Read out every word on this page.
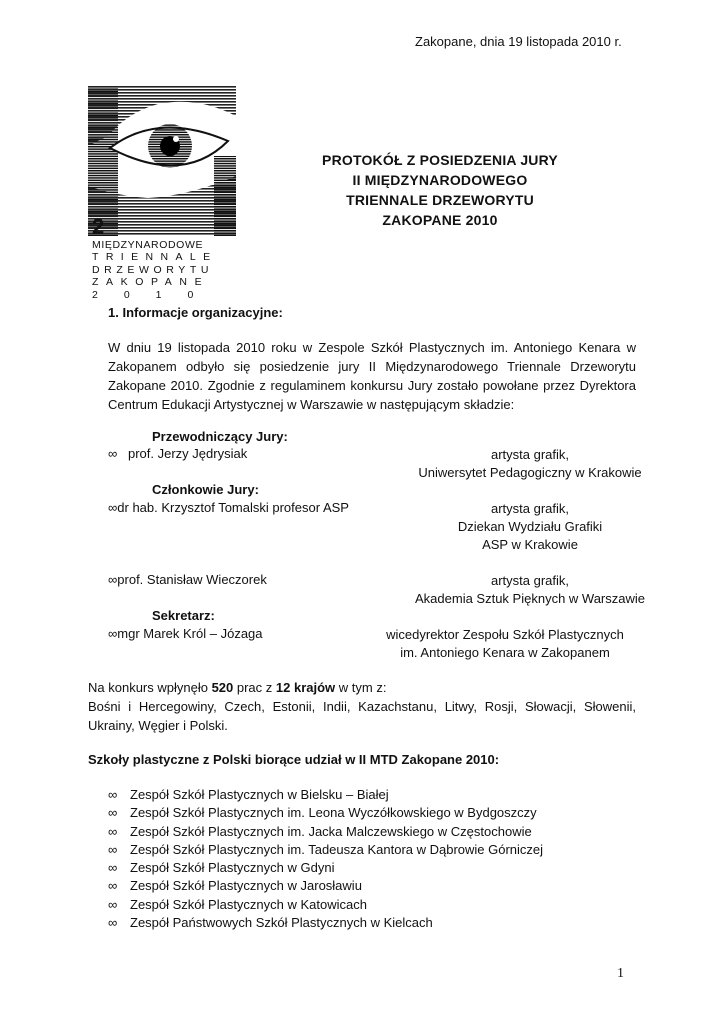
Zakopane, dnia 19 listopada 2010 r.
2
MIĘDZYNARODOWE
TRIENNALE
DRZEWORYTU
ZAKOPANE
2010
PROTOKÓŁ Z POSIEDZENIA JURY
II MIĘDZYNARODOWEGO
TRIENNALE DRZEWORYTU
ZAKOPANE 2010
1. Informacje organizacyjne:
W dniu 19 listopada 2010 roku w Zespole Szkół Plastycznych im. Antoniego Kenara w Zakopanem odbyło się posiedzenie jury II Międzynarodowego Triennale Drzeworytu Zakopane 2010. Zgodnie z regulaminem konkursu Jury zostało powołane przez Dyrektora Centrum Edukacji Artystycznej w Warszawie w następującym składzie:
Przewodniczący Jury:
∞ prof. Jerzy Jędrysiak	artysta grafik,
Uniwersytet Pedagogiczny w Krakowie
Członkowie Jury:
∞dr hab. Krzysztof Tomalski profesor ASP	artysta grafik,
Dziekan Wydziału Grafiki
ASP w Krakowie
∞prof. Stanisław Wieczorek	artysta grafik,
Akademia Sztuk Pięknych w Warszawie
Sekretarz:
∞mgr Marek Król – Józaga	wicedyrektor Zespołu Szkół Plastycznych
im. Antoniego Kenara w Zakopanem
Na konkurs wpłynęło 520 prac z 12 krajów w tym z:
Bośni i Hercegowiny, Czech, Estonii, Indii, Kazachstanu, Litwy, Rosji, Słowacji, Słowenii, Ukrainy, Węgier i Polski.
Szkoły plastyczne z Polski biorące udział w II MTD Zakopane 2010:
∞ Zespół Szkół Plastycznych w Bielsku – Białej
∞ Zespół Szkół Plastycznych im. Leona Wyczółkowskiego w Bydgoszczy
∞ Zespół Szkół Plastycznych im. Jacka Malczewskiego w Częstochowie
∞ Zespół Szkół Plastycznych im. Tadeusza Kantora w Dąbrowie Górniczej
∞ Zespół Szkół Plastycznych w Gdyni
∞ Zespół Szkół Plastycznych w Jarosławiu
∞ Zespół Szkół Plastycznych w Katowicach
∞ Zespół Państwowych Szkół Plastycznych w Kielcach
1
